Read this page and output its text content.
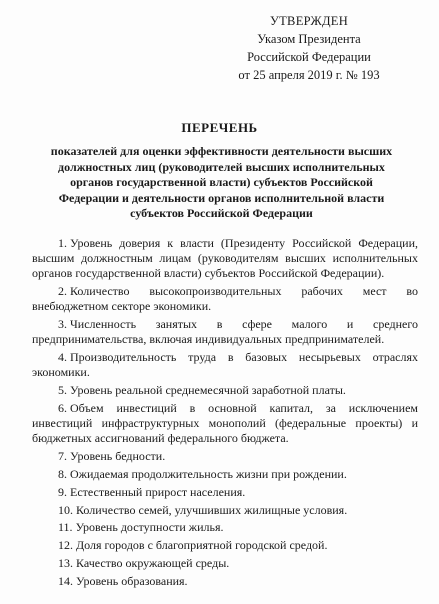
УТВЕРЖДЕН
Указом Президента
Российской Федерации
от 25 апреля 2019 г. № 193
ПЕРЕЧЕНЬ
показателей для оценки эффективности деятельности высших должностных лиц (руководителей высших исполнительных органов государственной власти) субъектов Российской Федерации и деятельности органов исполнительной власти субъектов Российской Федерации
1. Уровень доверия к власти (Президенту Российской Федерации, высшим должностным лицам (руководителям высших исполнительных органов государственной власти) субъектов Российской Федерации).
2. Количество высокопроизводительных рабочих мест во внебюджетном секторе экономики.
3. Численность занятых в сфере малого и среднего предпринимательства, включая индивидуальных предпринимателей.
4. Производительность труда в базовых несырьевых отраслях экономики.
5. Уровень реальной среднемесячной заработной платы.
6. Объем инвестиций в основной капитал, за исключением инвестиций инфраструктурных монополий (федеральные проекты) и бюджетных ассигнований федерального бюджета.
7. Уровень бедности.
8. Ожидаемая продолжительность жизни при рождении.
9. Естественный прирост населения.
10. Количество семей, улучшивших жилищные условия.
11. Уровень доступности жилья.
12. Доля городов с благоприятной городской средой.
13. Качество окружающей среды.
14. Уровень образования.
